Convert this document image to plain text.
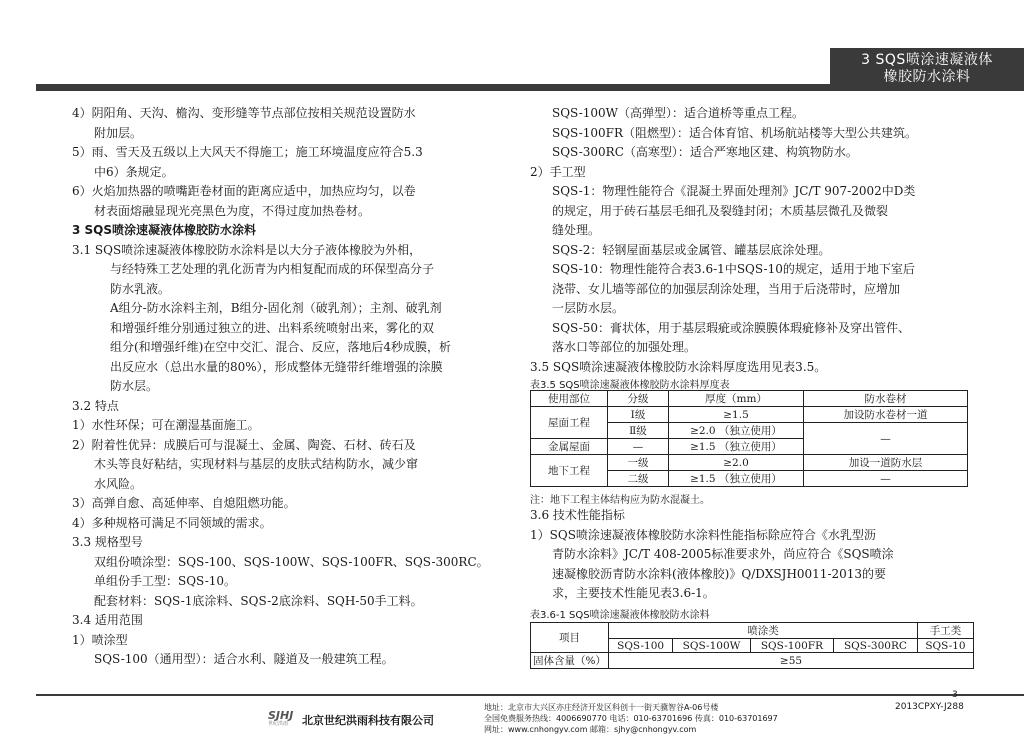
3 SQS喷涂速凝液体
橡胶防水涂料

4）阴阳角、天沟、檐沟、变形缝等节点部位按相关规范设置防水

附加层。

5）雨、雪天及五级以上大风天不得施工；施工环境温度应符合5.3

中6）条规定。

6）火焰加热器的喷嘴距卷材面的距离应适中，加热应均匀，以卷

材表面熔融显现光亮黑色为度，不得过度加热卷材。

3 SQS喷涂速凝液体橡胶防水涂料

3.1 SQS喷涂速凝液体橡胶防水涂料是以大分子液体橡胶为外相，

与经特殊工艺处理的乳化沥青为内相复配而成的环保型高分子

防水乳液。

A组分-防水涂料主剂，B组分-固化剂（破乳剂）；主剂、破乳剂

和增强纤维分别通过独立的进、出料系统喷射出来，雾化的双

组分(和增强纤维)在空中交汇、混合、反应，落地后4秒成膜，析

出反应水（总出水量的80%），形成整体无缝带纤维增强的涂膜

防水层。

3.2 特点

1）水性环保；可在潮湿基面施工。

2）附着性优异：成膜后可与混凝土、金属、陶瓷、石材、砖石及

木头等良好粘结，实现材料与基层的皮肤式结构防水，减少窜

水风险。

3）高弹自愈、高延伸率、自熄阻燃功能。

4）多种规格可满足不同领域的需求。

3.3 规格型号

双组份喷涂型：SQS-100、SQS-100W、SQS-100FR、SQS-300RC。

单组份手工型：SQS-10。

配套材料：SQS-1底涂料、SQS-2底涂料、SQH-50手工料。

3.4 适用范围

1）喷涂型

SQS-100（通用型）：适合水利、隧道及一般建筑工程。

SQS-100W（高弹型）：适合道桥等重点工程。

SQS-100FR（阻燃型）：适合体育馆、机场航站楼等大型公共建筑。

SQS-300RC（高寒型）：适合严寒地区建、构筑物防水。

2）手工型

SQS-1：物理性能符合《混凝土界面处理剂》JC/T 907-2002中D类

的规定，用于砖石基层毛细孔及裂缝封闭；木质基层微孔及微裂

缝处理。

SQS-2：轻钢屋面基层或金属管、罐基层底涂处理。

SQS-10：物理性能符合表3.6-1中SQS-10的规定，适用于地下室后

浇带、女儿墙等部位的加强层刮涂处理，当用于后浇带时，应增加

一层防水层。

SQS-50：膏状体，用于基层瑕疵或涂膜膜体瑕疵修补及穿出管件、

落水口等部位的加强处理。

3.5 SQS喷涂速凝液体橡胶防水涂料厚度选用见表3.5。

表3.5 SQS喷涂速凝液体橡胶防水涂料厚度表
使用部位	分级	厚度（mm）	防水卷材
屋面工程	Ⅰ级	≥1.5	加设防水卷材一道
	Ⅱ级	≥2.0 （独立使用）	—
金属屋面	—	≥1.5 （独立使用）	
地下工程	一级	≥2.0	加设一道防水层
	二级	≥1.5 （独立使用）	—
注：地下工程主体结构应为防水混凝土。

3.6 技术性能指标

1）SQS喷涂速凝液体橡胶防水涂料性能指标除应符合《水乳型沥

青防水涂料》JC/T 408-2005标准要求外，尚应符合《SQS喷涂

速凝橡胶沥青防水涂料(液体橡胶)》Q/DXSJH0011-2013的要

求，主要技术性能见表3.6-1。

表3.6-1 SQS喷涂速凝液体橡胶防水涂料
项目	喷涂类				手工类
	SQS-100	SQS-100W	SQS-100FR	SQS-300RC	SQS-10
固体含量（%）	≥55				
SJHJ
世纪洪雨 北京世纪洪雨科技有限公司
地址：北京市大兴区亦庄经济开发区科创十一街天骥智谷A-06号楼
全国免费服务热线：4006690770 电话：010-63701696 传真：010-63701697
网址：www.cnhongyv.com 邮箱：sjhy@cnhongyv.com
3
2013CPXY-J288
